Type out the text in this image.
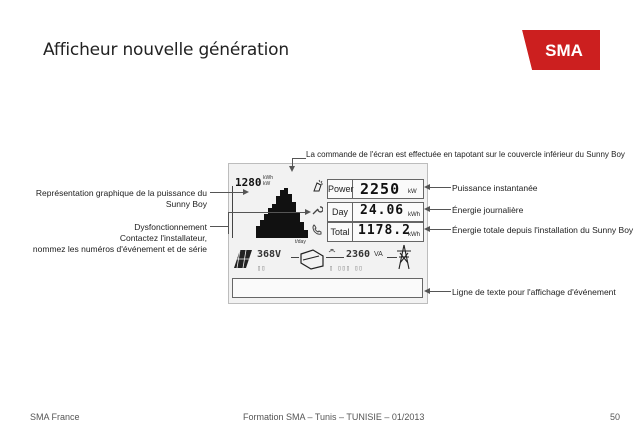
Afficheur nouvelle génération	SMA
1280 kWh
kW
t/day
Power 2250 kW
Day 24.06 kWh
Total 1178.2
kWh
368V
▯▯
2360 VA
▯ ▯▯▯ ▯▯
La commande de l'écran est effectuée en tapotant sur le couvercle inférieur du Sunny Boy
Représentation graphique de la puissance du
Sunny Boy
Dysfonctionnement
Contactez l'installateur,
nommez les numéros d'événement et de série
Puissance instantanée
Énergie journalière
Énergie totale depuis l'installation du Sunny Boy
Ligne de texte pour l'affichage d'événement
SMA France	Formation SMA – Tunis – TUNISIE – 01/2013	50
